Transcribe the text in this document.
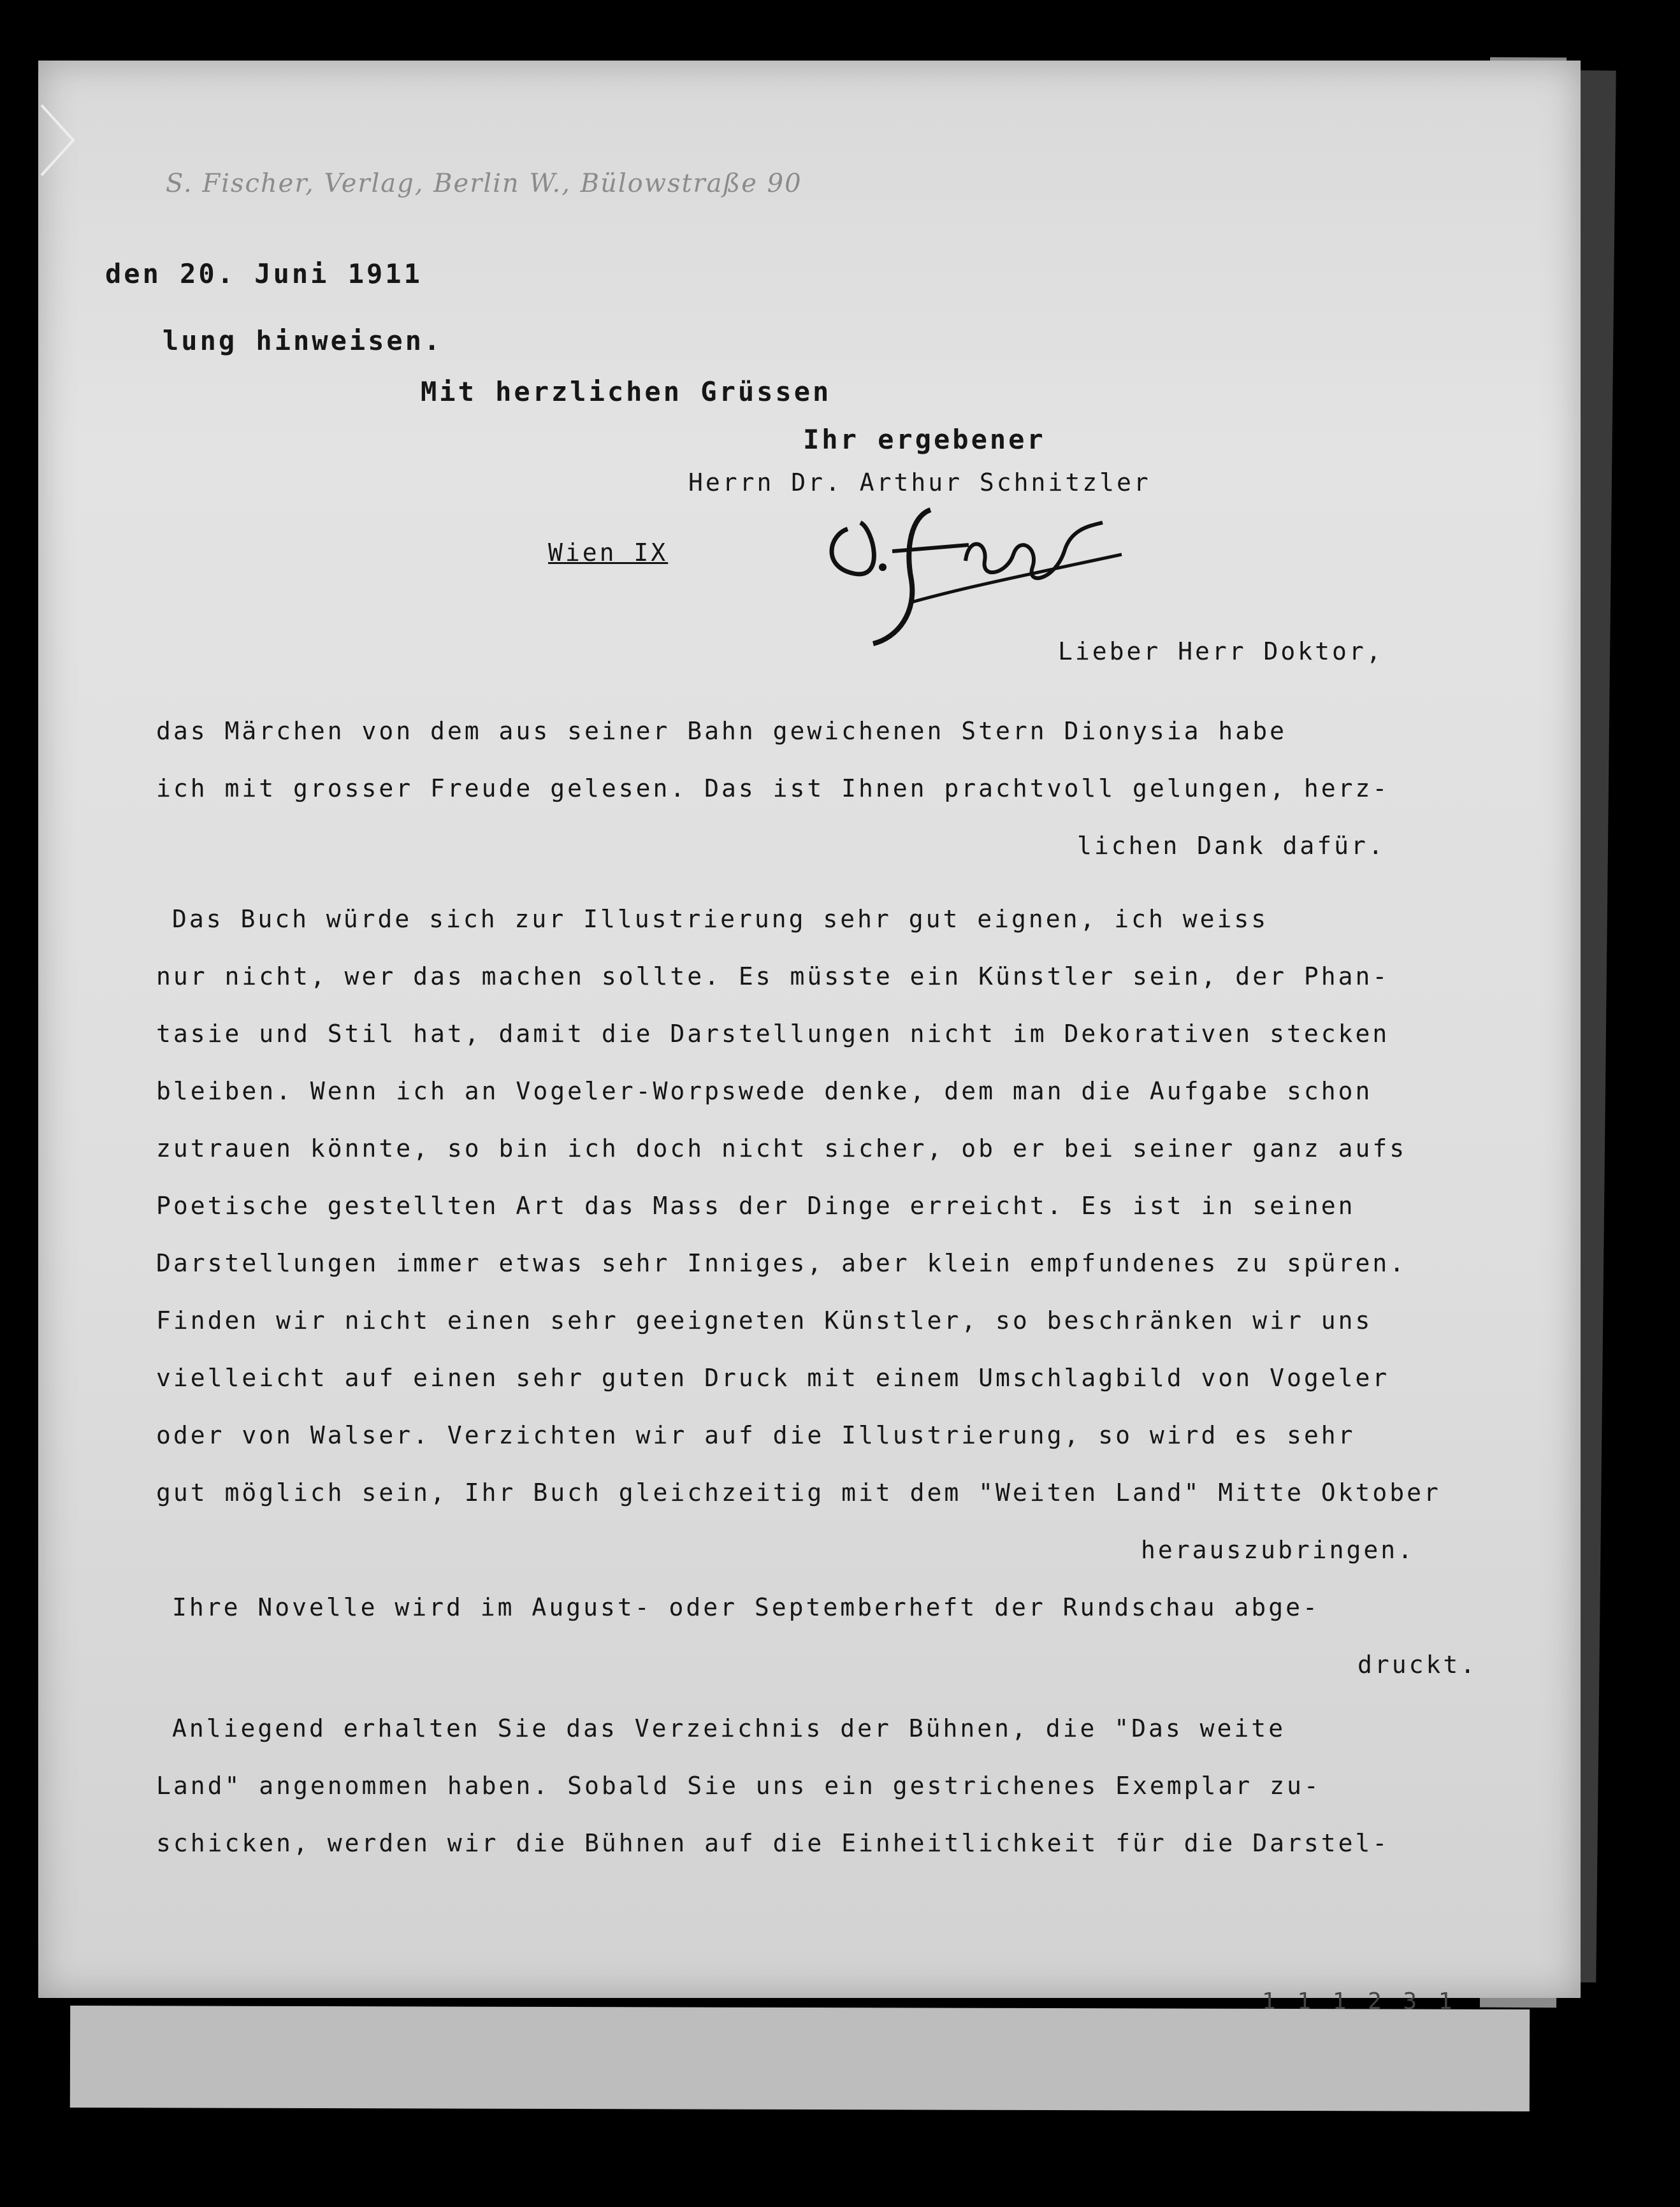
S. Fischer, Verlag, Berlin W., Bülowstraße 90
den 20. Juni 1911
lung hinweisen.
Mit herzlichen Grüssen
Ihr ergebener
Herrn Dr. Arthur Schnitzler
Wien IX
Lieber Herr Doktor,
das Märchen von dem aus seiner Bahn gewichenen Stern Dionysia habe
ich mit grosser Freude gelesen. Das ist Ihnen prachtvoll gelungen, herz-
lichen Dank dafür.
Das Buch würde sich zur Illustrierung sehr gut eignen, ich weiss
nur nicht, wer das machen sollte. Es müsste ein Künstler sein, der Phan-
tasie und Stil hat, damit die Darstellungen nicht im Dekorativen stecken
bleiben. Wenn ich an Vogeler-Worpswede denke, dem man die Aufgabe schon
zutrauen könnte, so bin ich doch nicht sicher, ob er bei seiner ganz aufs
Poetische gestellten Art das Mass der Dinge erreicht. Es ist in seinen
Darstellungen immer etwas sehr Inniges, aber klein empfundenes zu spüren.
Finden wir nicht einen sehr geeigneten Künstler, so beschränken wir uns
vielleicht auf einen sehr guten Druck mit einem Umschlagbild von Vogeler
oder von Walser. Verzichten wir auf die Illustrierung, so wird es sehr
gut möglich sein, Ihr Buch gleichzeitig mit dem "Weiten Land" Mitte Oktober
herauszubringen.
Ihre Novelle wird im August- oder Septemberheft der Rundschau abge-
druckt.
Anliegend erhalten Sie das Verzeichnis der Bühnen, die "Das weite
Land" angenommen haben. Sobald Sie uns ein gestrichenes Exemplar zu-
schicken, werden wir die Bühnen auf die Einheitlichkeit für die Darstel-
1 1 1 2 3 1
